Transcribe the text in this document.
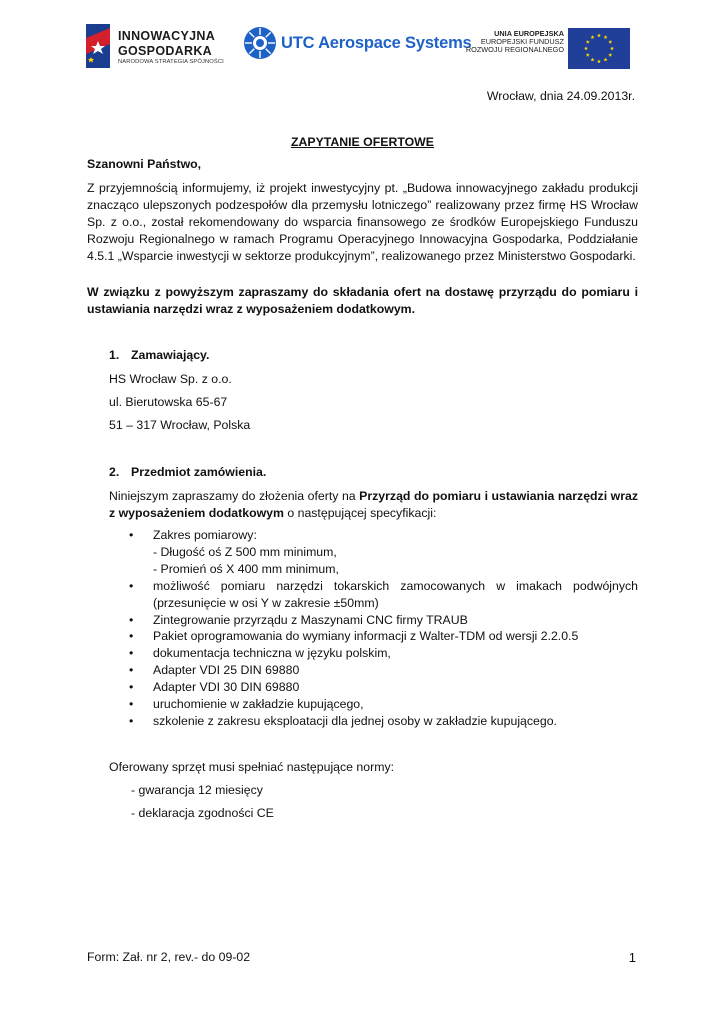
INNOWACYJNA
GOSPODARKA
NARODOWA STRATEGIA SPÓJNOŚCI
UTC Aerospace Systems
UNIA EUROPEJSKA
EUROPEJSKI FUNDUSZ
ROZWOJU REGIONALNEGO
Wrocław, dnia 24.09.2013r.
ZAPYTANIE OFERTOWE
Szanowni Państwo,
Z przyjemnością informujemy, iż projekt inwestycyjny pt. „Budowa innowacyjnego zakładu produkcji znacząco ulepszonych podzespołów dla przemysłu lotniczego” realizowany przez firmę HS Wrocław Sp. z o.o., został rekomendowany do wsparcia finansowego ze środków Europejskiego Funduszu Rozwoju Regionalnego w ramach Programu Operacyjnego Innowacyjna Gospodarka, Poddziałanie 4.5.1 „Wsparcie inwestycji w sektorze produkcyjnym”, realizowanego przez Ministerstwo Gospodarki.
W związku z powyższym zapraszamy do składania ofert na dostawę przyrządu do pomiaru i ustawiania narzędzi wraz z wyposażeniem dodatkowym.
1. Zamawiający.
HS Wrocław Sp. z o.o.
ul. Bierutowska 65-67
51 – 317 Wrocław, Polska
2. Przedmiot zamówienia.
Niniejszym zapraszamy do złożenia oferty na Przyrząd do pomiaru i ustawiania narzędzi wraz z wyposażeniem dodatkowym o następującej specyfikacji:
• Zakres pomiarowy:
- Długość oś Z 500 mm minimum,
- Promień oś X 400 mm minimum,
• możliwość pomiaru narzędzi tokarskich zamocowanych w imakach podwójnych (przesunięcie w osi Y w zakresie ±50mm)
• Zintegrowanie przyrządu z Maszynami CNC firmy TRAUB
• Pakiet oprogramowania do wymiany informacji z Walter-TDM od wersji 2.2.0.5
• dokumentacja techniczna w języku polskim,
• Adapter VDI 25 DIN 69880
• Adapter VDI 30 DIN 69880
• uruchomienie w zakładzie kupującego,
• szkolenie z zakresu eksploatacji dla jednej osoby w zakładzie kupującego.
Oferowany sprzęt musi spełniać następujące normy:
- gwarancja 12 miesięcy
- deklaracja zgodności CE
Form: Zał. nr 2, rev.- do 09-02	1
